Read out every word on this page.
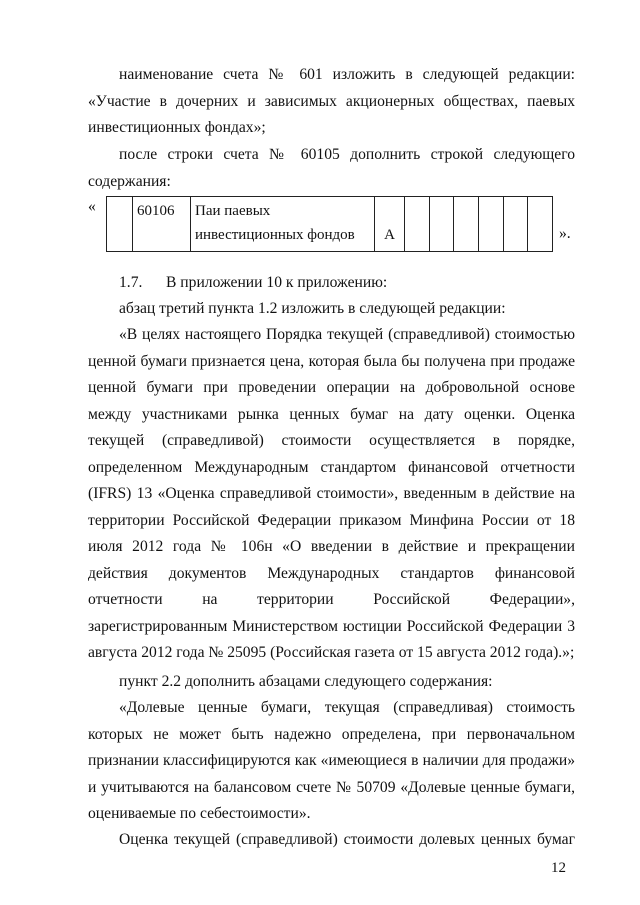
наименование счета № 601 изложить в следующей редакции: «Участие в дочерних и зависимых акционерных обществах, паевых инвестиционных фондах»;

после строки счета № 60105 дополнить строкой следующего содержания:

«
		60106	Паи паевых инвестиционных фондов	А							».
1.7. В приложении 10 к приложению:

абзац третий пункта 1.2 изложить в следующей редакции:

«В целях настоящего Порядка текущей (справедливой) стоимостью ценной бумаги признается цена, которая была бы получена при продаже ценной бумаги при проведении операции на добровольной основе между участниками рынка ценных бумаг на дату оценки. Оценка текущей (справедливой) стоимости осуществляется в порядке, определенном Международным стандартом финансовой отчетности (IFRS) 13 «Оценка справедливой стоимости», введенным в действие на территории Российской Федерации приказом Минфина России от 18 июля 2012 года № 106н «О введении в действие и прекращении действия документов Международных стандартов финансовой отчетности на территории Российской Федерации», зарегистрированным Министерством юстиции Российской Федерации 3 августа 2012 года № 25095 (Российская газета от 15 августа 2012 года).»;

пункт 2.2 дополнить абзацами следующего содержания:

«Долевые ценные бумаги, текущая (справедливая) стоимость которых не может быть надежно определена, при первоначальном признании классифицируются как «имеющиеся в наличии для продажи» и учитываются на балансовом счете № 50709 «Долевые ценные бумаги, оцениваемые по себестоимости».

Оценка текущей (справедливой) стоимости долевых ценных бумаг

12
